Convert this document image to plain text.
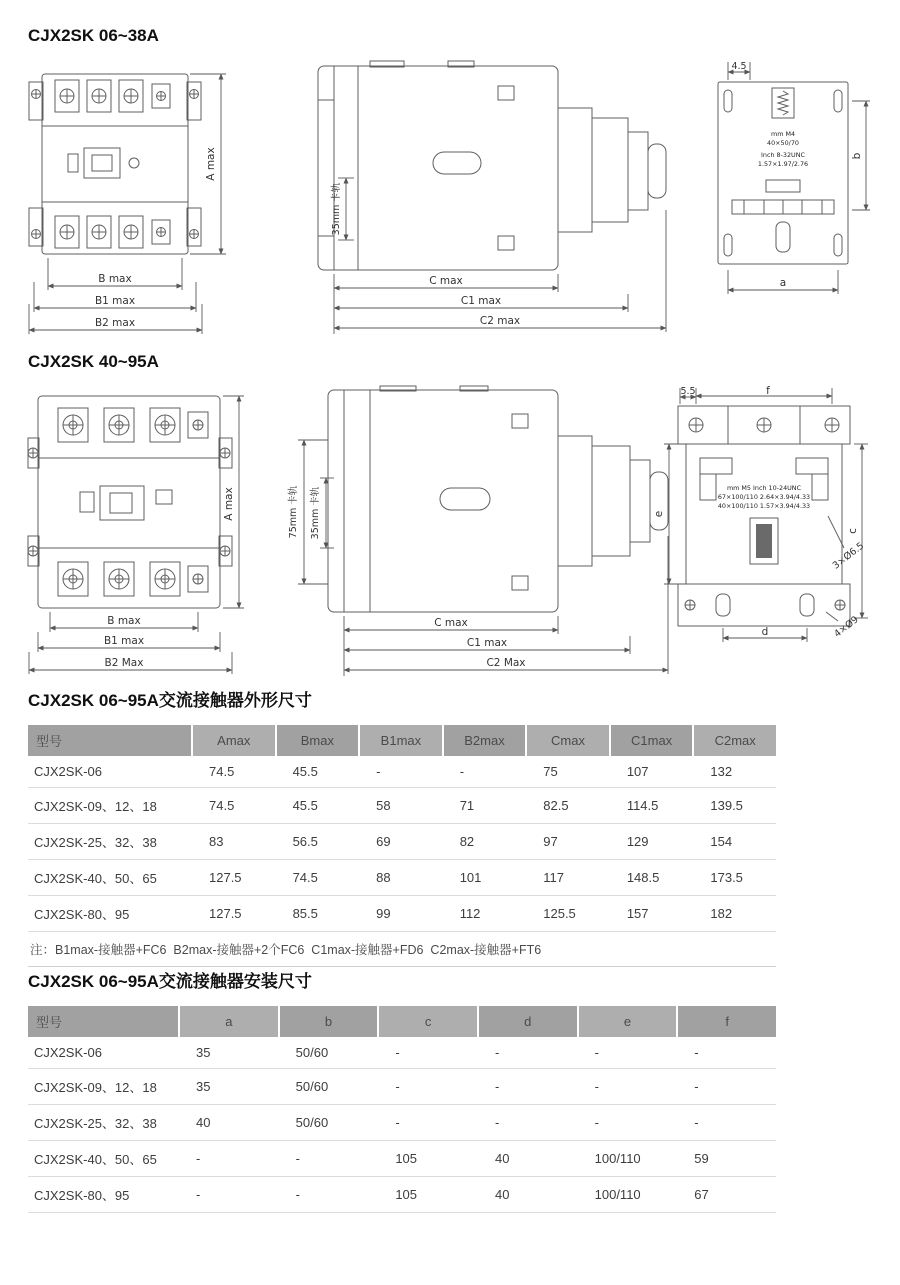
CJX2SK 06~38A
A max
B max
B1 max
B2 max
35mm 卡轨
C max
C1 max
C2 max
mm M4
40×50/70
Inch 8-32UNC
1.57×1.97/2.76
4.5
a
b
CJX2SK 40~95A
A max
B max
B1 max
B2 Max
75mm 卡轨 35mm 卡轨
C max
C1 max
C2 Max
mm M5 Inch 10-24UNC
67×100/110 2.64×3.94/4.33
40×100/110 1.57×3.94/4.33
5.5	f
e
c
d
3×Ø6.5
4×Ø9
CJX2SK 06~95A交流接触器外形尺寸
型号	Amax	Bmax	B1max	B2max	Cmax	C1max	C2max
CJX2SK-06	74.5	45.5	-	-	75	107	132
CJX2SK-09、12、18	74.5	45.5	58	71	82.5	114.5	139.5
CJX2SK-25、32、38	83	56.5	69	82	97	129	154
CJX2SK-40、50、65	127.5	74.5	88	101	117	148.5	173.5
CJX2SK-80、95	127.5	85.5	99	112	125.5	157	182
注：B1max-接触器+FC6  B2max-接触器+2个FC6  C1max-接触器+FD6  C2max-接触器+FT6							
CJX2SK 06~95A交流接触器安装尺寸
型号	a	b	c	d	e	f
CJX2SK-06	35	50/60	-	-	-	-
CJX2SK-09、12、18	35	50/60	-	-	-	-
CJX2SK-25、32、38	40	50/60	-	-	-	-
CJX2SK-40、50、65	-	-	105	40	100/110	59
CJX2SK-80、95	-	-	105	40	100/110	67
